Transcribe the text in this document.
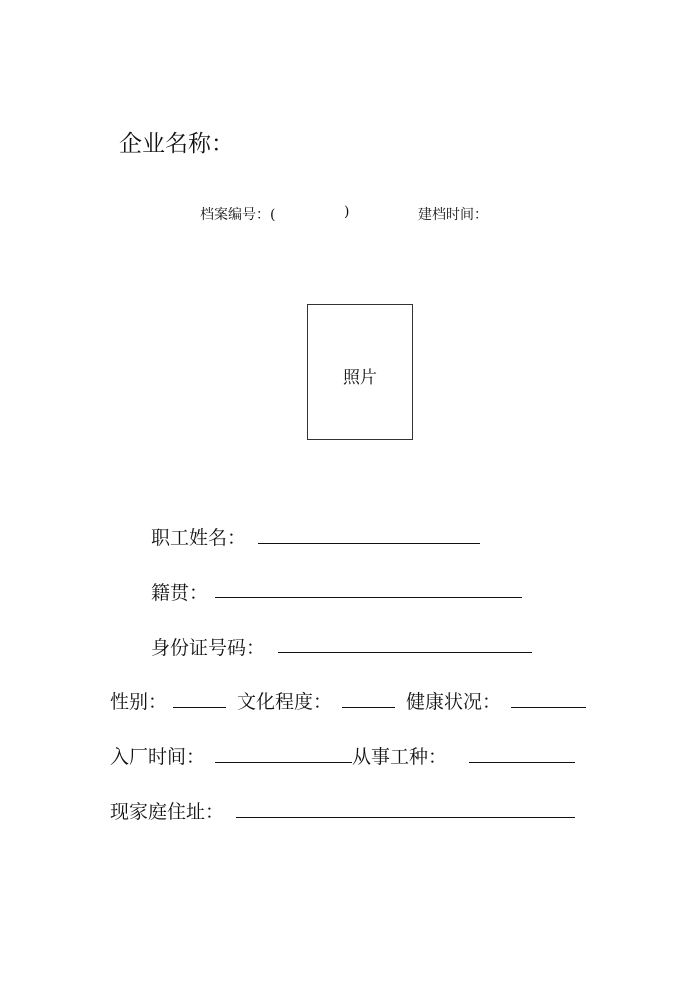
企业名称：
档案编号：(	)	建档时间：
照片
职工姓名：
籍贯：
身份证号码：
性别：	文化程度：	健康状况：
入厂时间：	从事工种：
现家庭住址：
